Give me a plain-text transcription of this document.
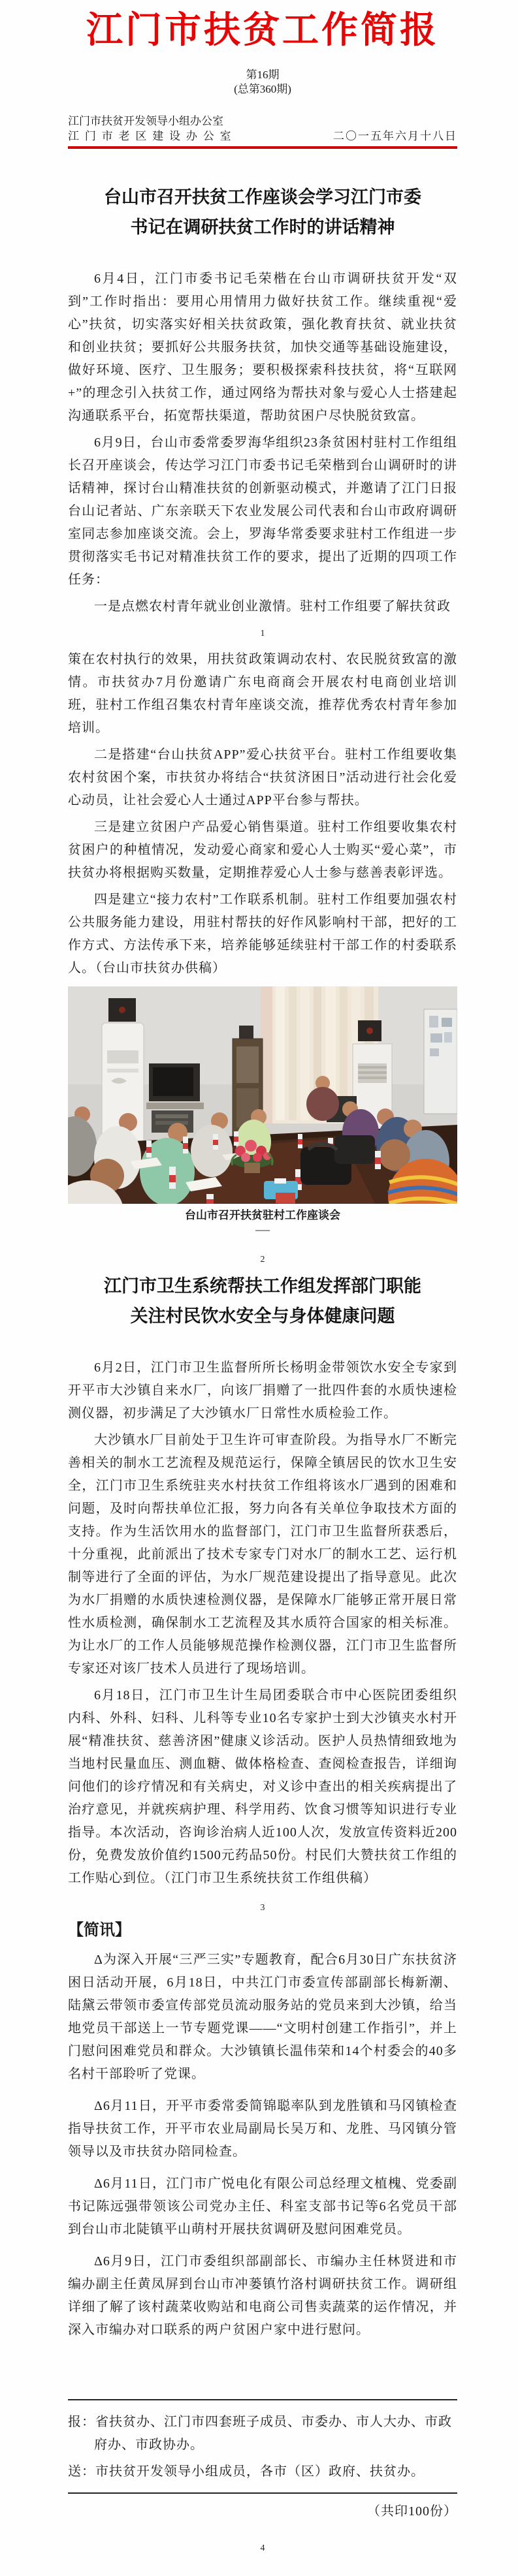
江门市扶贫工作简报
第16期
(总第360期)
江门市扶贫开发领导小组办公室
江门市老区建设办公室	二〇一五年六月十八日
台山市召开扶贫工作座谈会学习江门市委
书记在调研扶贫工作时的讲话精神

6月4日，江门市委书记毛荣楷在台山市调研扶贫开发“双到”工作时指出：要用心用情用力做好扶贫工作。继续重视“爱心”扶贫，切实落实好相关扶贫政策，强化教育扶贫、就业扶贫和创业扶贫；要抓好公共服务扶贫，加快交通等基础设施建设，做好环境、医疗、卫生服务；要积极探索科技扶贫，将“互联网+”的理念引入扶贫工作，通过网络为帮扶对象与爱心人士搭建起沟通联系平台，拓宽帮扶渠道，帮助贫困户尽快脱贫致富。

6月9日，台山市委常委罗海华组织23条贫困村驻村工作组组长召开座谈会，传达学习江门市委书记毛荣楷到台山调研时的讲话精神，探讨台山精准扶贫的创新驱动模式，并邀请了江门日报台山记者站、广东亲联天下农业发展公司代表和台山市政府调研室同志参加座谈交流。会上，罗海华常委要求驻村工作组进一步贯彻落实毛书记对精准扶贫工作的要求，提出了近期的四项工作任务：

一是点燃农村青年就业创业激情。驻村工作组要了解扶贫政

1

策在农村执行的效果，用扶贫政策调动农村、农民脱贫致富的激情。市扶贫办7月份邀请广东电商商会开展农村电商创业培训班，驻村工作组召集农村青年座谈交流，推荐优秀农村青年参加培训。

二是搭建“台山扶贫APP”爱心扶贫平台。驻村工作组要收集农村贫困个案，市扶贫办将结合“扶贫济困日”活动进行社会化爱心动员，让社会爱心人士通过APP平台参与帮扶。

三是建立贫困户产品爱心销售渠道。驻村工作组要收集农村贫困户的种植情况，发动爱心商家和爱心人士购买“爱心菜”，市扶贫办将根据购买数量，定期推荐爱心人士参与慈善表彰评选。

四是建立“接力农村”工作联系机制。驻村工作组要加强农村公共服务能力建设，用驻村帮扶的好作风影响村干部，把好的工作方式、方法传承下来，培养能够延续驻村干部工作的村委联系人。（台山市扶贫办供稿）

台山市召开扶贫驻村工作座谈会
2
江门市卫生系统帮扶工作组发挥部门职能
关注村民饮水安全与身体健康问题

6月2日，江门市卫生监督所所长杨明金带领饮水安全专家到开平市大沙镇自来水厂，向该厂捐赠了一批四件套的水质快速检测仪器，初步满足了大沙镇水厂日常性水质检验工作。

大沙镇水厂目前处于卫生许可审查阶段。为指导水厂不断完善相关的制水工艺流程及规范运行，保障全镇居民的饮水卫生安全，江门市卫生系统驻夹水村扶贫工作组将该水厂遇到的困难和问题，及时向帮扶单位汇报，努力向各有关单位争取技术方面的支持。作为生活饮用水的监督部门，江门市卫生监督所获悉后，十分重视，此前派出了技术专家专门对水厂的制水工艺、运行机制等进行了全面的评估，为水厂规范建设提出了指导意见。此次为水厂捐赠的水质快速检测仪器，是保障水厂能够正常开展日常性水质检测，确保制水工艺流程及其水质符合国家的相关标准。为让水厂的工作人员能够规范操作检测仪器，江门市卫生监督所专家还对该厂技术人员进行了现场培训。

6月18日，江门市卫生计生局团委联合市中心医院团委组织内科、外科、妇科、儿科等专业10名专家护士到大沙镇夹水村开展“精准扶贫、慈善济困”健康义诊活动。医护人员热情细致地为当地村民量血压、测血糖、做体格检查、查阅检查报告，详细询问他们的诊疗情况和有关病史，对义诊中查出的相关疾病提出了治疗意见，并就疾病护理、科学用药、饮食习惯等知识进行专业指导。本次活动，咨询诊治病人近100人次，发放宣传资料近200份，免费发放价值约1500元药品50份。村民们大赞扶贫工作组的工作贴心到位。（江门市卫生系统扶贫工作组供稿）

3
【简讯】

Δ为深入开展“三严三实”专题教育，配合6月30日广东扶贫济困日活动开展，6月18日，中共江门市委宣传部副部长梅新潮、陆黛云带领市委宣传部党员流动服务站的党员来到大沙镇，给当地党员干部送上一节专题党课——“文明村创建工作指引”，并上门慰问困难党员和群众。大沙镇镇长温伟荣和14个村委会的40多名村干部聆听了党课。

Δ6月11日，开平市委常委简锦聪率队到龙胜镇和马冈镇检查指导扶贫工作，开平市农业局副局长吴万和、龙胜、马冈镇分管领导以及市扶贫办陪同检查。

Δ6月11日，江门市广悦电化有限公司总经理文植槐、党委副书记陈远强带领该公司党办主任、科室支部书记等6名党员干部到台山市北陡镇平山萌村开展扶贫调研及慰问困难党员。

Δ6月9日，江门市委组织部副部长、市编办主任林贤进和市编办副主任黄凤屏到台山市冲蒌镇竹洛村调研扶贫工作。调研组详细了解了该村蔬菜收购站和电商公司售卖蔬菜的运作情况，并深入市编办对口联系的两户贫困户家中进行慰问。

报：省扶贫办、江门市四套班子成员、市委办、市人大办、市政府办、市政协办。

送：市扶贫开发领导小组成员，各市（区）政府、扶贫办。

（共印100份）
4
